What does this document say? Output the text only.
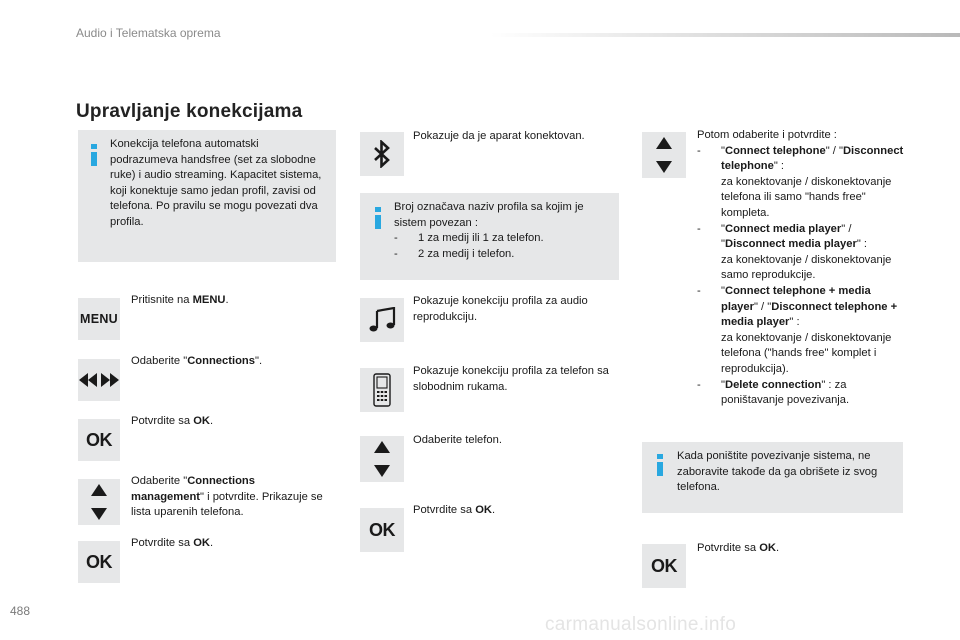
Audio i Telematska oprema
Upravljanje konekcijama
Konekcija telefona automatski podrazumeva handsfree (set za slobodne ruke) i audio streaming. Kapacitet sistema, koji konektuje samo jedan profil, zavisi od telefona. Po pravilu se mogu povezati dva profila.
MENU
Pritisnite na MENU.
Odaberite "Connections".
OK
Potvrdite sa OK.
Odaberite "Connections management" i potvrdite. Prikazuje se lista uparenih telefona.
OK
Potvrdite sa OK.
Pokazuje da je aparat konektovan.
Broj označava naziv profila sa kojim je sistem povezan :
- 1 za medij ili 1 za telefon.
- 2 za medij i telefon.
Pokazuje konekciju profila za audio reprodukciju.
Pokazuje konekciju profila za telefon sa slobodnim rukama.
Odaberite telefon.
OK
Potvrdite sa OK.
Potom odaberite i potvrdite :
- "Connect telephone" / "Disconnect telephone" :
za konektovanje / diskonektovanje telefona ili samo "hands free" kompleta.
- "Connect media player" / "Disconnect media player" :
za konektovanje / diskonektovanje samo reprodukcije.
- "Connect telephone + media player" / "Disconnect telephone + media player" :
za konektovanje / diskonektovanje telefona ("hands free" komplet i reprodukcija).
- "Delete connection" : za poništavanje povezivanja.
Kada poništite povezivanje sistema, ne zaboravite takođe da ga obrišete iz svog telefona.
OK
Potvrdite sa OK.
488
carmanualsonline.info
